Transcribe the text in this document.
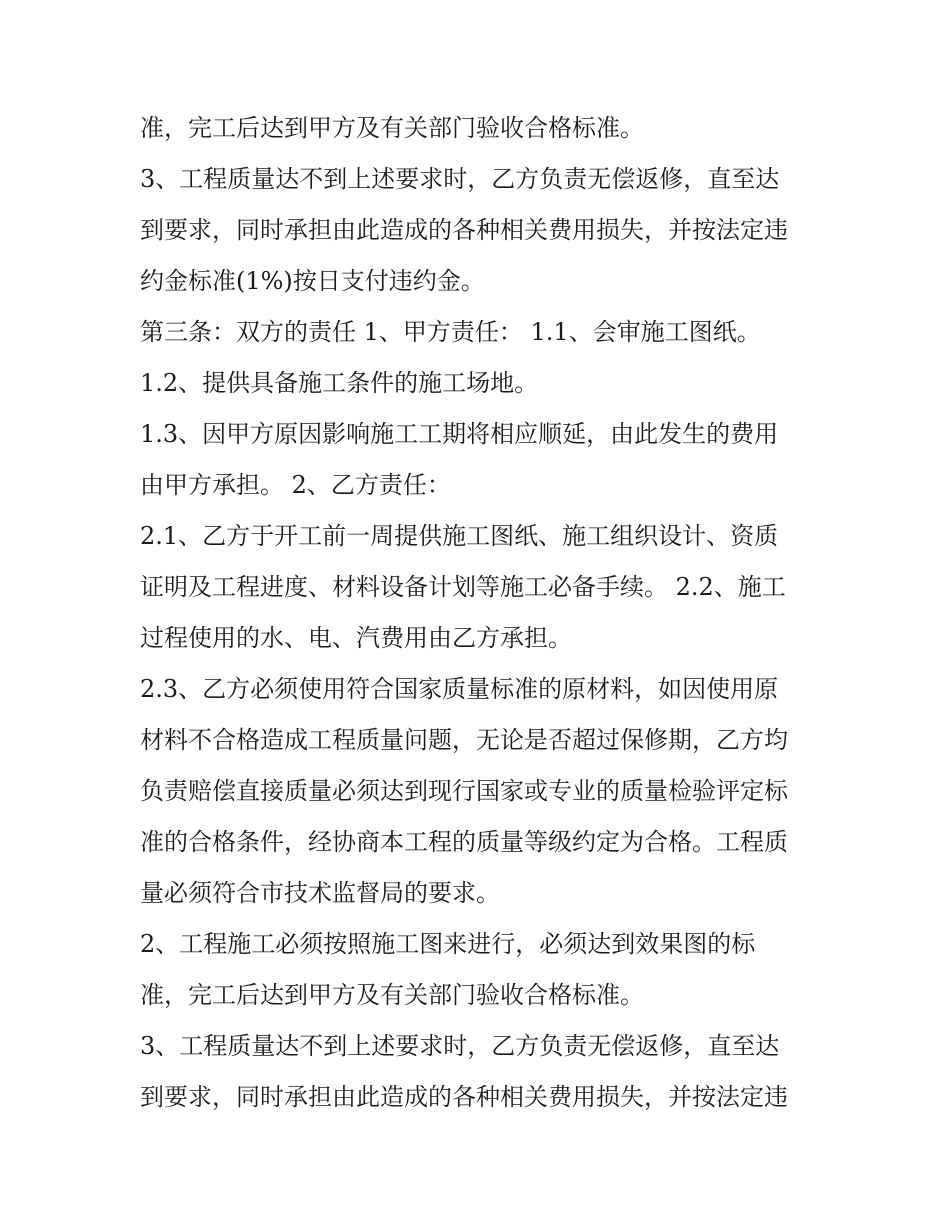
准，完工后达到甲方及有关部门验收合格标准。
3、工程质量达不到上述要求时，乙方负责无偿返修，直至达
到要求，同时承担由此造成的各种相关费用损失，并按法定违
约金标准(1%)按日支付违约金。
第三条：双方的责任 1、甲方责任： 1.1、会审施工图纸。
1.2、提供具备施工条件的施工场地。
1.3、因甲方原因影响施工工期将相应顺延，由此发生的费用
由甲方承担。 2、乙方责任：
2.1、乙方于开工前一周提供施工图纸、施工组织设计、资质
证明及工程进度、材料设备计划等施工必备手续。 2.2、施工
过程使用的水、电、汽费用由乙方承担。
2.3、乙方必须使用符合国家质量标准的原材料，如因使用原
材料不合格造成工程质量问题，无论是否超过保修期，乙方均
负责赔偿直接质量必须达到现行国家或专业的质量检验评定标
准的合格条件，经协商本工程的质量等级约定为合格。工程质
量必须符合市技术监督局的要求。
2、工程施工必须按照施工图来进行，必须达到效果图的标
准，完工后达到甲方及有关部门验收合格标准。
3、工程质量达不到上述要求时，乙方负责无偿返修，直至达
到要求，同时承担由此造成的各种相关费用损失，并按法定违
